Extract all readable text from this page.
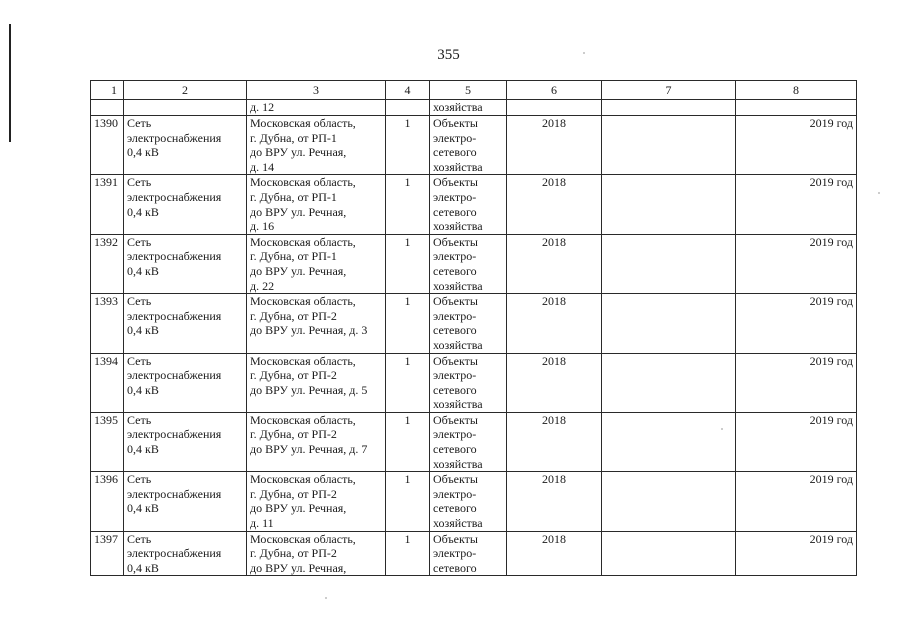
355
1	2	3	4	5	6	7	8
		д. 12		хозяйства			
1390	Сеть
электроснабжения
0,4 кВ	Московская область,
г. Дубна, от РП-1
до ВРУ ул. Речная,
д. 14	1	Объекты
электро-
сетевого
хозяйства	2018		2019 год
1391	Сеть
электроснабжения
0,4 кВ	Московская область,
г. Дубна, от РП-1
до ВРУ ул. Речная,
д. 16	1	Объекты
электро-
сетевого
хозяйства	2018		2019 год
1392	Сеть
электроснабжения
0,4 кВ	Московская область,
г. Дубна, от РП-1
до ВРУ ул. Речная,
д. 22	1	Объекты
электро-
сетевого
хозяйства	2018		2019 год
1393	Сеть
электроснабжения
0,4 кВ	Московская область,
г. Дубна, от РП-2
до ВРУ ул. Речная, д. 3	1	Объекты
электро-
сетевого
хозяйства	2018		2019 год
1394	Сеть
электроснабжения
0,4 кВ	Московская область,
г. Дубна, от РП-2
до ВРУ ул. Речная, д. 5	1	Объекты
электро-
сетевого
хозяйства	2018		2019 год
1395	Сеть
электроснабжения
0,4 кВ	Московская область,
г. Дубна, от РП-2
до ВРУ ул. Речная, д. 7	1	Объекты
электро-
сетевого
хозяйства	2018		2019 год
1396	Сеть
электроснабжения
0,4 кВ	Московская область,
г. Дубна, от РП-2
до ВРУ ул. Речная,
д. 11	1	Объекты
электро-
сетевого
хозяйства	2018		2019 год
1397	Сеть
электроснабжения
0,4 кВ	Московская область,
г. Дубна, от РП-2
до ВРУ ул. Речная,	1	Объекты
электро-
сетевого	2018		2019 год
